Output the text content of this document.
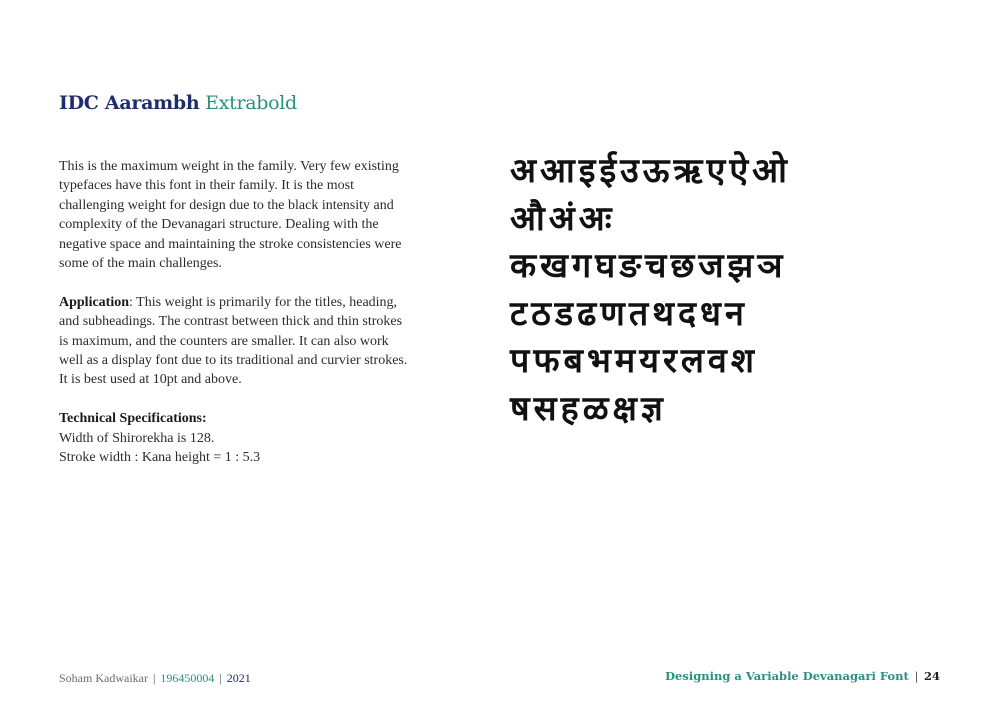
IDC Aarambh Extrabold

This is the maximum weight in the family. Very few existing typefaces have this font in their family. It is the most challenging weight for design due to the black intensity and complexity of the Devanagari structure. Dealing with the negative space and maintaining the stroke consistencies were some of the main challenges.

Application: This weight is primarily for the titles, heading, and subheadings. The contrast between thick and thin strokes is maximum, and the counters are smaller. It can also work well as a display font due to its traditional and curvier strokes. It is best used at 10pt and above.

Technical Specifications:
Width of Shirorekha is 128.
Stroke width : Kana height = 1 : 5.3
अआइईउऊऋएऐओ
औअंअः
कखगघङचछजझञ
टठडढणतथदधन
पफबभमयरलवश
षसहळक्षज्ञ
Soham Kadwaikar | 196450004 | 2021	Designing a Variable Devanagari Font | 24
